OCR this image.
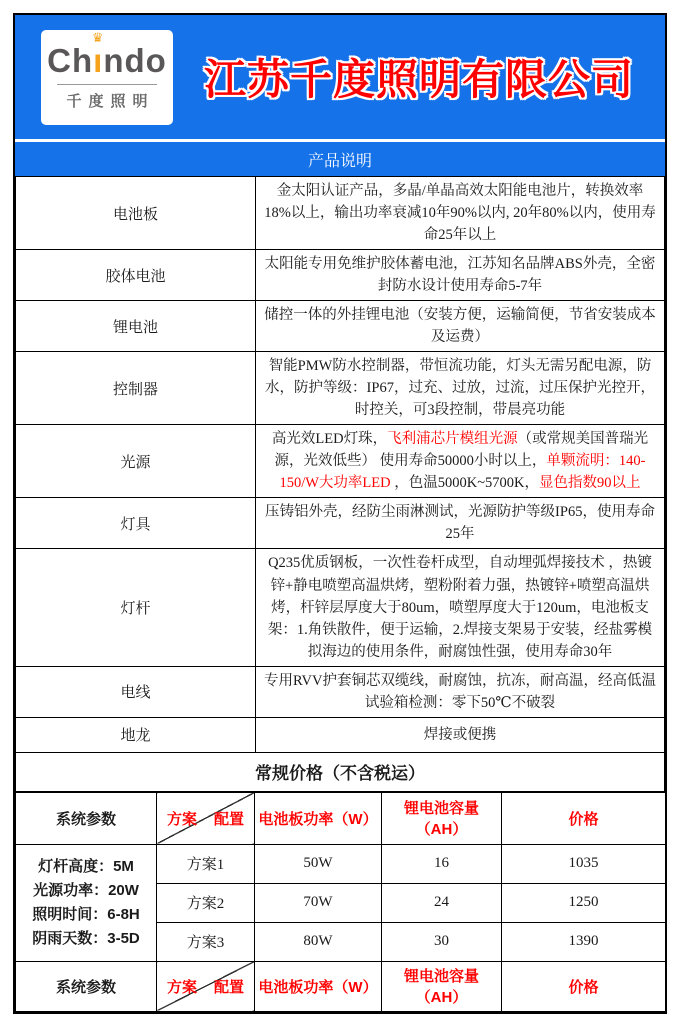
Ch
♛
ı ndo
千度照明	江苏千度照明有限公司
产品说明
电池板	金太阳认证产品，多晶/单晶高效太阳能电池片，转换效率18%以上，输出功率衰减10年90%以内, 20年80%以内，使用寿命25年以上
胶体电池	太阳能专用免维护胶体蓄电池，江苏知名品牌ABS外壳，全密封防水设计使用寿命5-7年
锂电池	储控一体的外挂锂电池（安装方便，运输简便，节省安装成本及运费）
控制器	智能PMW防水控制器，带恒流功能，灯头无需另配电源，防水，防护等级：IP67，过充、过放，过流，过压保护光控开，时控关，可3段控制，带晨亮功能
光源	高光效LED灯珠，飞利浦芯片模组光源（或常规美国普瑞光源，光效低些） 使用寿命50000小时以上，单颗流明：140-150/W大功率LED ，色温5000K~5700K，显色指数90以上
灯具	压铸铝外壳，经防尘雨淋测试，光源防护等级IP65，使用寿命25年
灯杆	Q235优质钢板，一次性卷杆成型，自动埋弧焊接技术 ，热镀锌+静电喷塑高温烘烤，塑粉附着力强，热镀锌+喷塑高温烘烤，杆锌层厚度大于80um，喷塑厚度大于120um，电池板支架：1.角铁散件，便于运输，2.焊接支架易于安装，经盐雾模拟海边的使用条件，耐腐蚀性强，使用寿命30年
电线	专用RVV护套铜芯双缆线，耐腐蚀，抗冻，耐高温，经高低温试验箱检测：零下50℃不破裂
地龙	焊接或便携
常规价格（不含税运）	
系统参数	方案 配置	电池板功率（W）	锂电池容量（AH）	价格

灯杆高度：5M
光源功率：20W
照明时间：6-8H
阴雨天数：3-5D	方案1	50W	16	1035
	方案2	70W	24	1250
	方案3	80W	30	1390
系统参数	方案 配置	电池板功率（W）	锂电池容量（AH）	价格
